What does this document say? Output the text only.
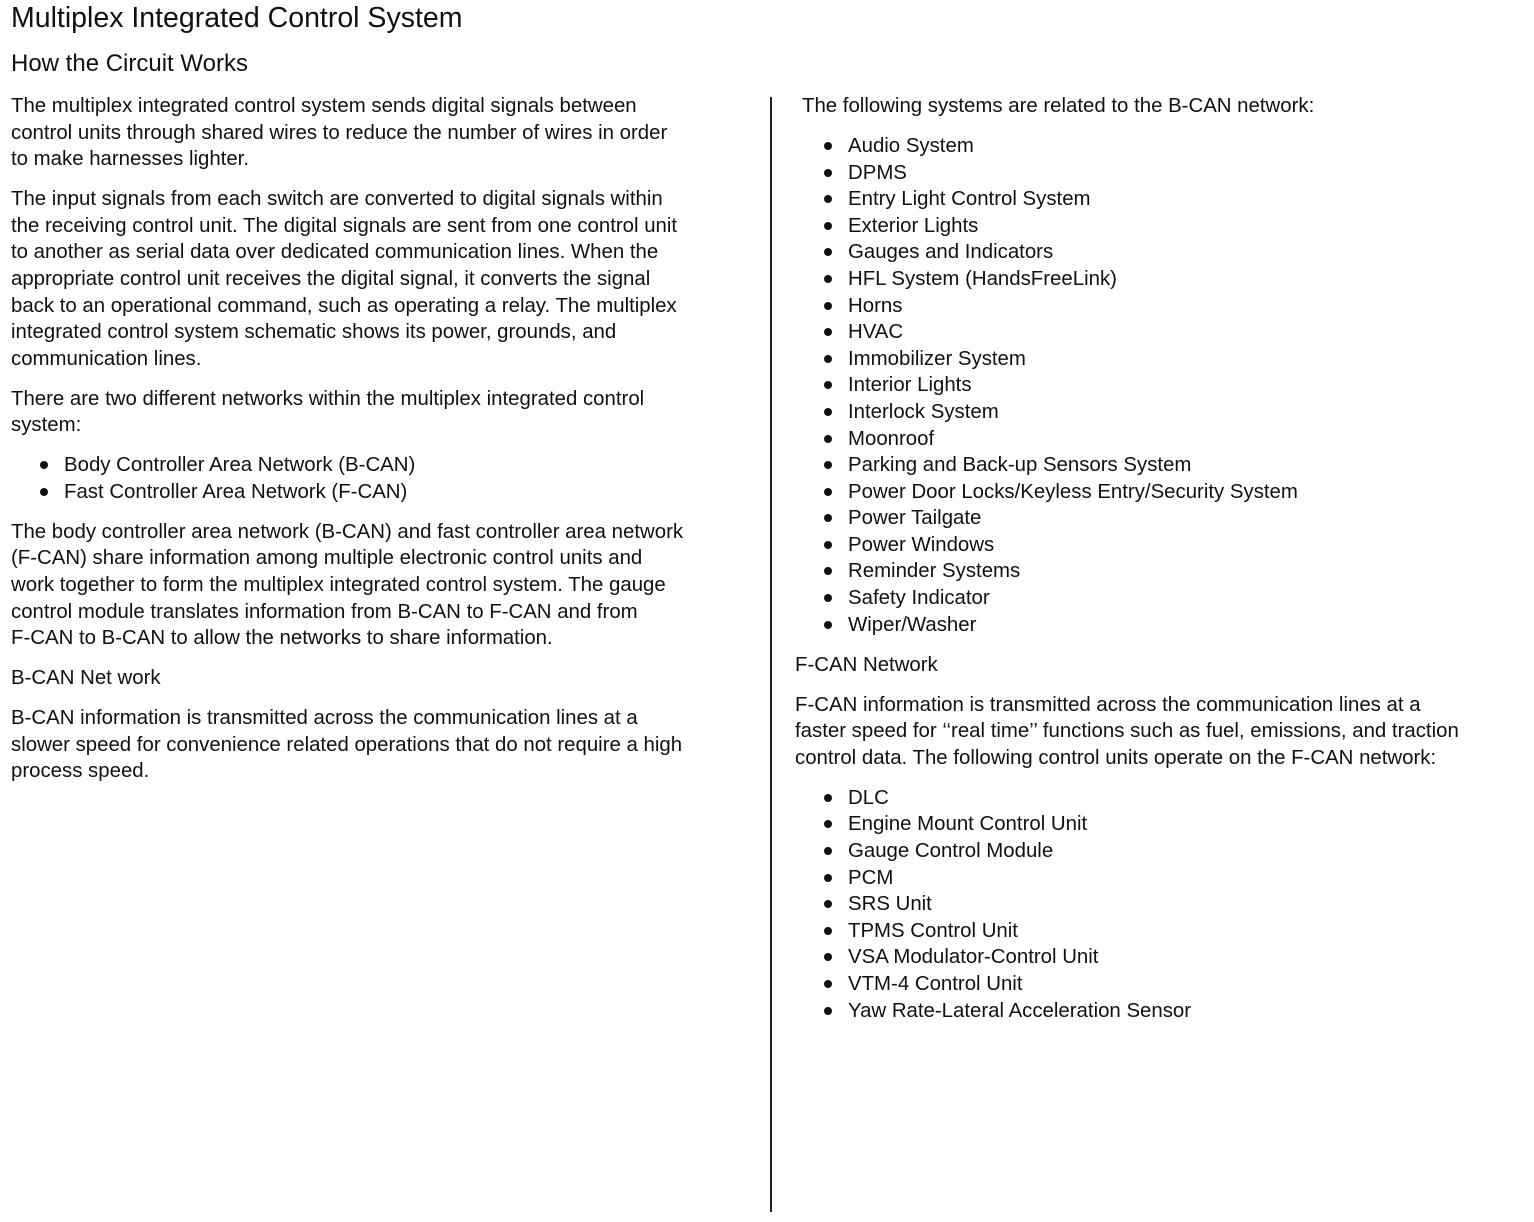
Multiplex Integrated Control System
How the Circuit Works

The multiplex integrated control system sends digital signals between
control units through shared wires to reduce the number of wires in order
to make harnesses lighter.

The input signals from each switch are converted to digital signals within
the receiving control unit. The digital signals are sent from one control unit
to another as serial data over dedicated communication lines. When the
appropriate control unit receives the digital signal, it converts the signal
back to an operational command, such as operating a relay. The multiplex
integrated control system schematic shows its power, grounds, and
communication lines.

There are two different networks within the multiplex integrated control
system:

Body Controller Area Network (B-CAN)
Fast Controller Area Network (F-CAN)

The body controller area network (B-CAN) and fast controller area network
(F-CAN) share information among multiple electronic control units and
work together to form the multiplex integrated control system. The gauge
control module translates information from B-CAN to F-CAN and from
F-CAN to B-CAN to allow the networks to share information.

B-CAN Net work

B-CAN information is transmitted across the communication lines at a
slower speed for convenience related operations that do not require a high
process speed.

The following systems are related to the B-CAN network:

Audio System
DPMS
Entry Light Control System
Exterior Lights
Gauges and Indicators
HFL System (HandsFreeLink)
Horns
HVAC
Immobilizer System
Interior Lights
Interlock System
Moonroof
Parking and Back-up Sensors System
Power Door Locks/Keyless Entry/Security System
Power Tailgate
Power Windows
Reminder Systems
Safety Indicator
Wiper/Washer

F-CAN Network

F-CAN information is transmitted across the communication lines at a
faster speed for ‘‘real time’’ functions such as fuel, emissions, and traction
control data. The following control units operate on the F-CAN network:

DLC
Engine Mount Control Unit
Gauge Control Module
PCM
SRS Unit
TPMS Control Unit
VSA Modulator-Control Unit
VTM-4 Control Unit
Yaw Rate-Lateral Acceleration Sensor
